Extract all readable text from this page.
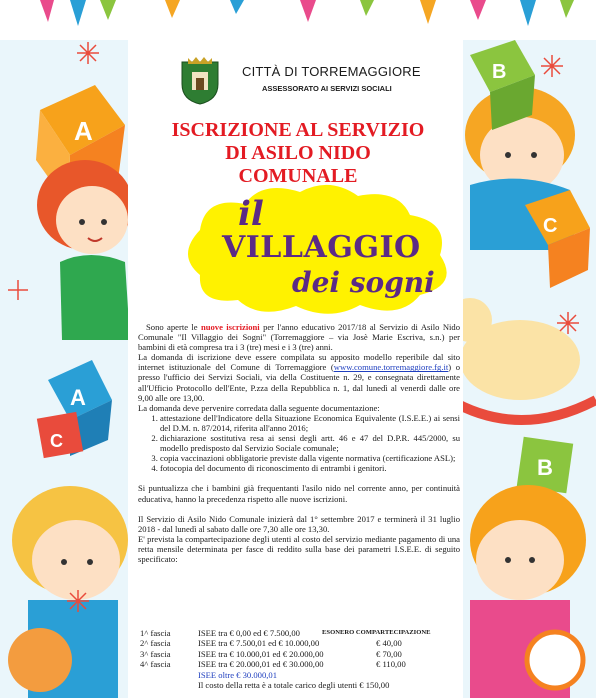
A
A
C
B
C
B
CITTÀ DI TORREMAGGIORE
ASSESSORATO AI SERVIZI SOCIALI
ISCRIZIONE AL SERVIZIO
DI ASILO NIDO
COMUNALE
il
VILLAGGIO
dei sogni

Sono aperte le nuove iscrizioni per l'anno educativo 2017/18 al Servizio di Asilo Nido Comunale "Il Villaggio dei Sogni" (Torremaggiore – via Josè Marie Escriva, s.n.) per bambini di età compresa tra i 3 (tre) mesi e i 3 (tre) anni.

La domanda di iscrizione deve essere compilata su apposito modello reperibile dal sito internet istituzionale del Comune di Torremaggiore (www.comune.torremaggiore.fg.it) o presso l'ufficio dei Servizi Sociali, via della Costituente n. 29, e consegnata direttamente all'Ufficio Protocollo dell'Ente, P.zza della Repubblica n. 1, dal lunedì al venerdì dalle ore 9,00 alle ore 13,00.

La domanda deve pervenire corredata dalla seguente documentazione:

1. attestazione dell'Indicatore della Situazione Economica Equivalente (I.S.E.E.) ai sensi del D.M. n. 87/2014, riferita all'anno 2016;
2. dichiarazione sostitutiva resa ai sensi degli artt. 46 e 47 del D.P.R. 445/2000, su modello predisposto dal Servizio Sociale comunale;
3. copia vaccinazioni obbligatorie previste dalla vigente normativa (certificazione ASL);
4. fotocopia del documento di riconoscimento di entrambi i genitori.

Si puntualizza che i bambini già frequentanti l'asilo nido nel corrente anno, per continuità educativa, hanno la precedenza rispetto alle nuove iscrizioni.

Il Servizio di Asilo Nido Comunale inizierà dal 1° settembre 2017 e terminerà il 31 luglio 2018 - dal lunedì al sabato dalle ore 7,30 alle ore 13,30.

E' prevista la compartecipazione degli utenti al costo del servizio mediante pagamento di una retta mensile determinata per fasce di reddito sulla base dei parametri I.S.E.E. di seguito specificato:

1^ fascia	ISEE tra € 0,00 ed € 7.500,00	ESONERO COMPARTECIPAZIONE
2^ fascia	ISEE tra € 7.500,01 ed € 10.000,00	€ 40,00
3^ fascia	ISEE tra € 10.000,01 ed € 20.000,00	€ 70,00
4^ fascia	ISEE tra € 20.000,01 ed € 30.000,00	€ 110,00
ISEE oltre € 30.000,01
Il costo della retta è a totale carico degli utenti € 150,00
